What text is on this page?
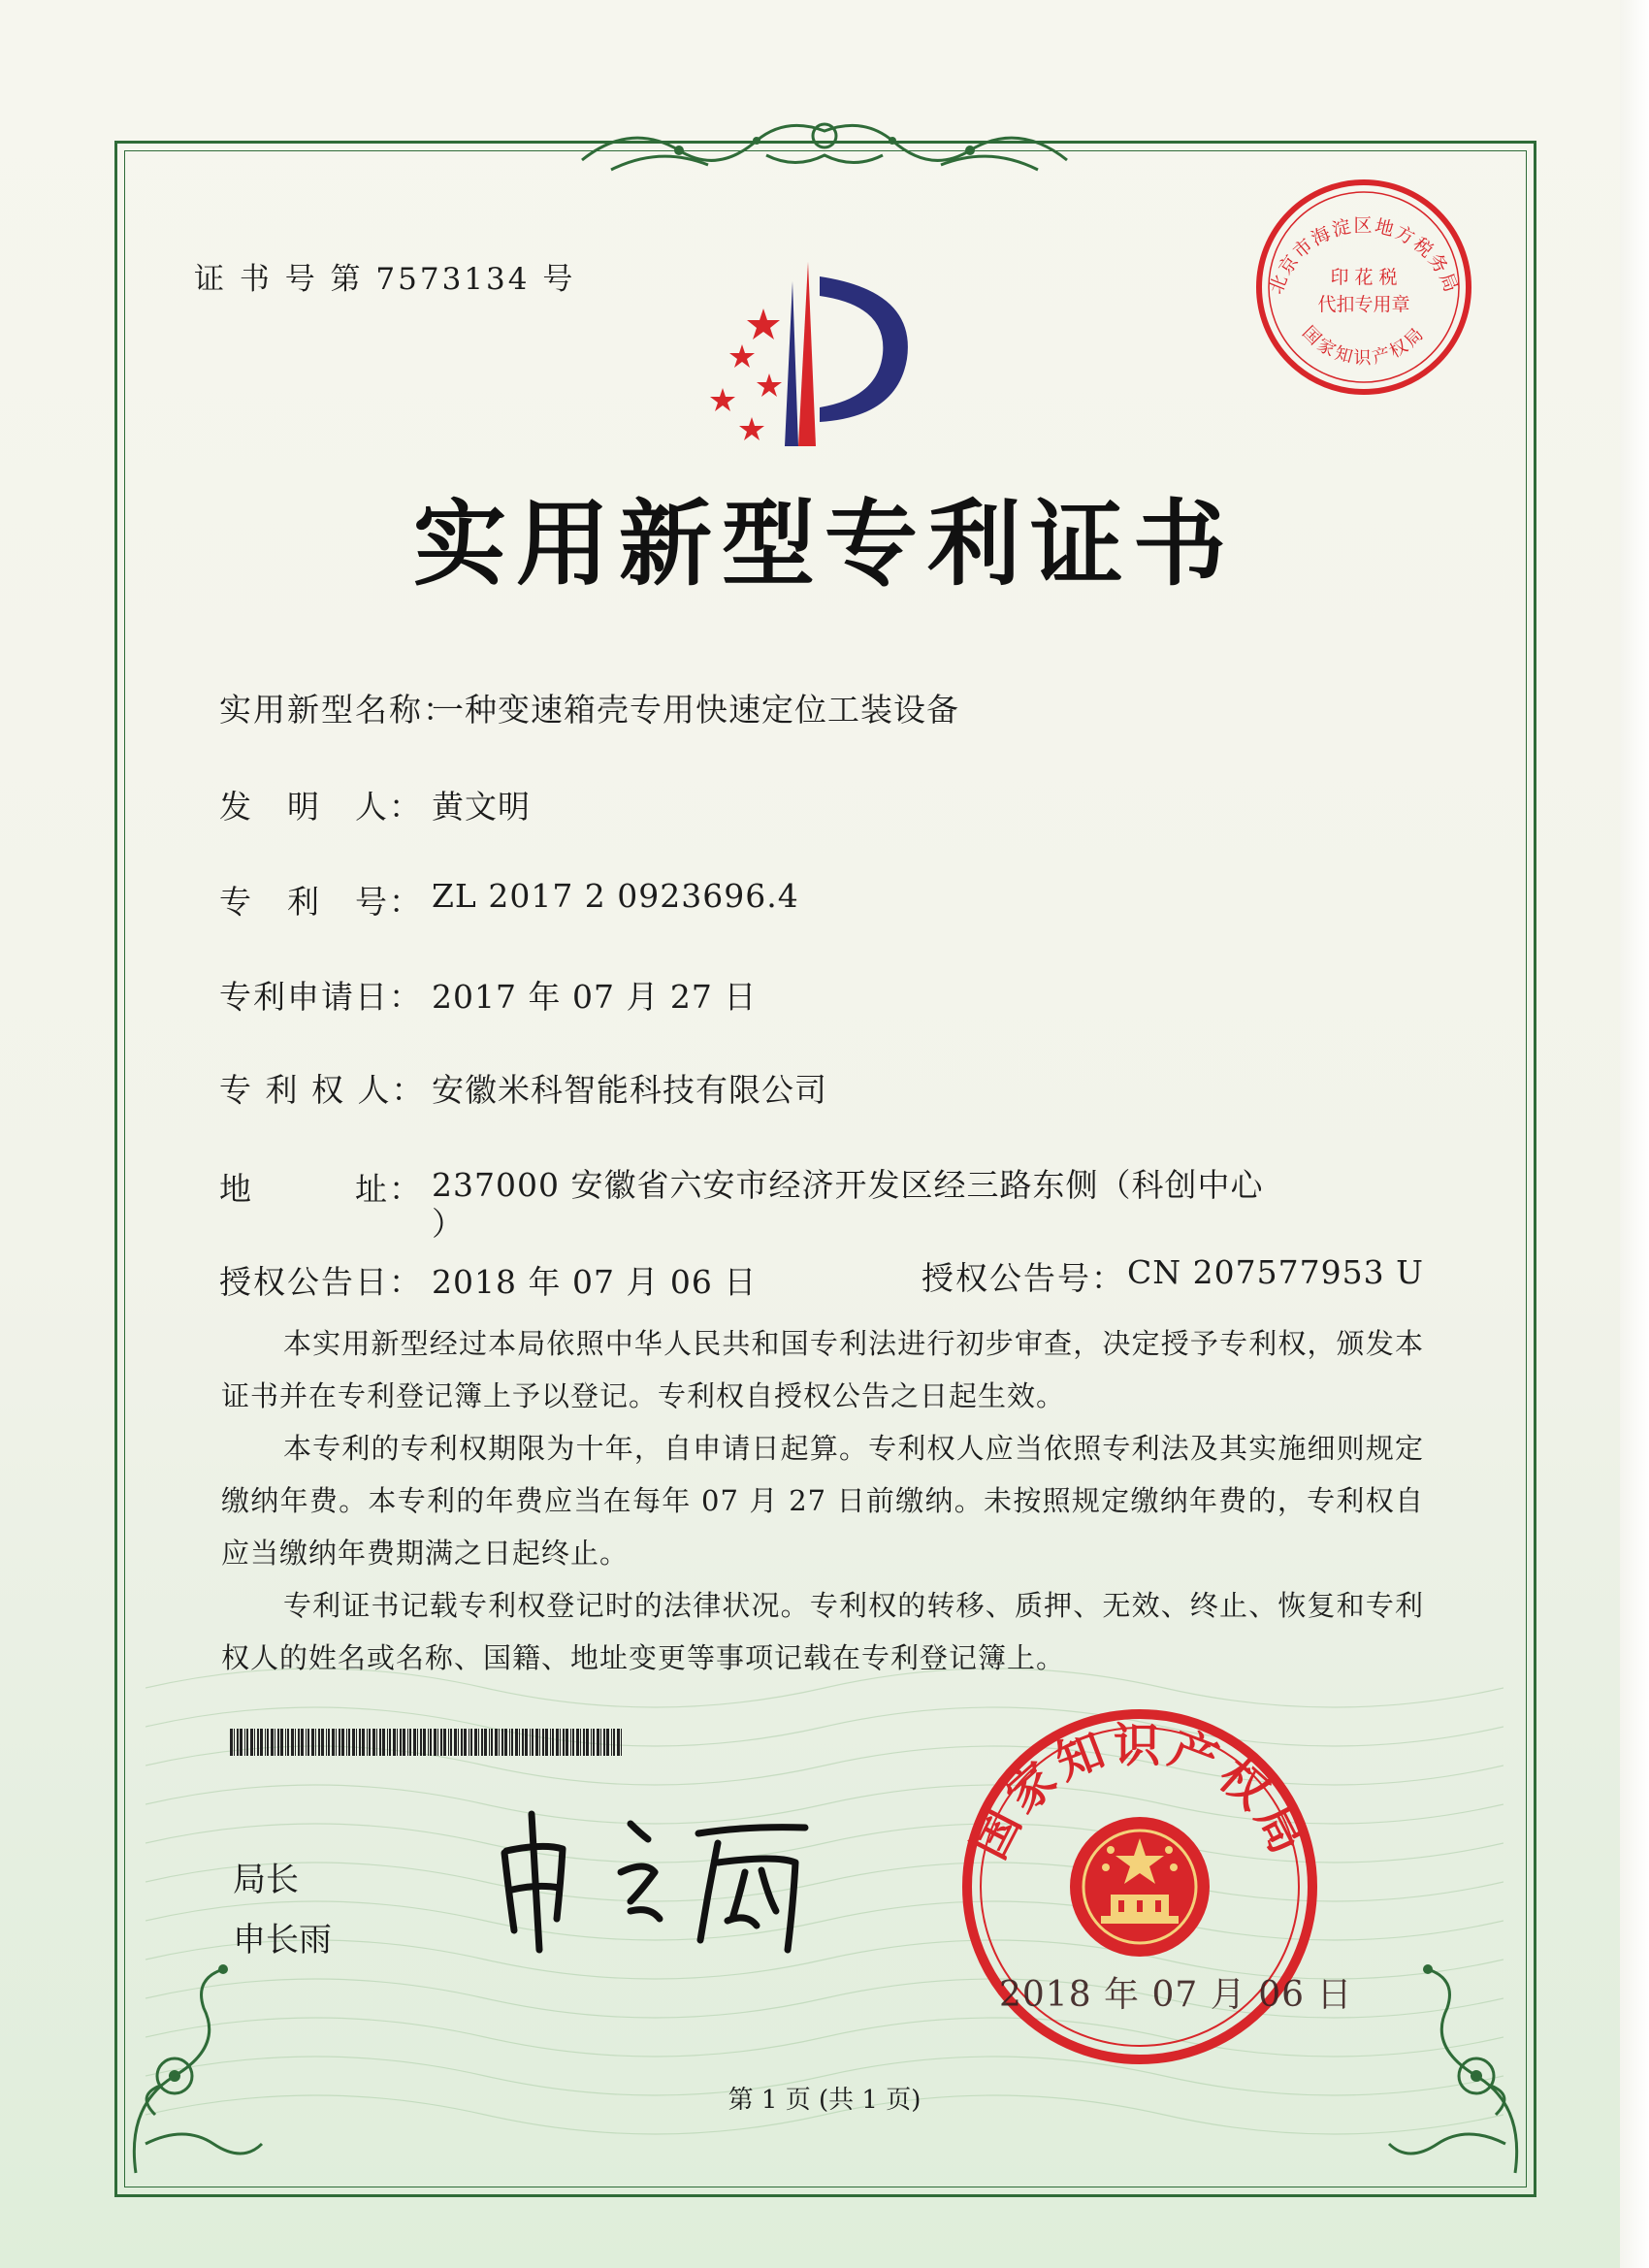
证 书 号 第 7573134 号	北京市海淀区地方税务局
国家知识产权局
印 花 税
代扣专用章
实用新型专利证书
实用新型名称：
一种变速箱壳专用快速定位工装设备
发　明　人： 黄文明
专　利　号： ZL 2017 2 0923696.4
专利申请日： 2017 年 07 月 27 日
专 利 权 人： 安徽米科智能科技有限公司
地　　　址： 237000 安徽省六安市经济开发区经三路东侧（科创中心
）
授权公告日： 2018 年 07 月 06 日	授权公告号： CN 207577953 U
本实用新型经过本局依照中华人民共和国专利法进行初步审查，决定授予专利权，颁发本证书并在专利登记簿上予以登记。专利权自授权公告之日起生效。
本专利的专利权期限为十年，自申请日起算。专利权人应当依照专利法及其实施细则规定缴纳年费。本专利的年费应当在每年 07 月 27 日前缴纳。未按照规定缴纳年费的，专利权自应当缴纳年费期满之日起终止。
专利证书记载专利权登记时的法律状况。专利权的转移、质押、无效、终止、恢复和专利权人的姓名或名称、国籍、地址变更等事项记载在专利登记簿上。
局长
申长雨
国家知识产权局
2018 年 07 月 06 日
第 1 页 (共 1 页)
